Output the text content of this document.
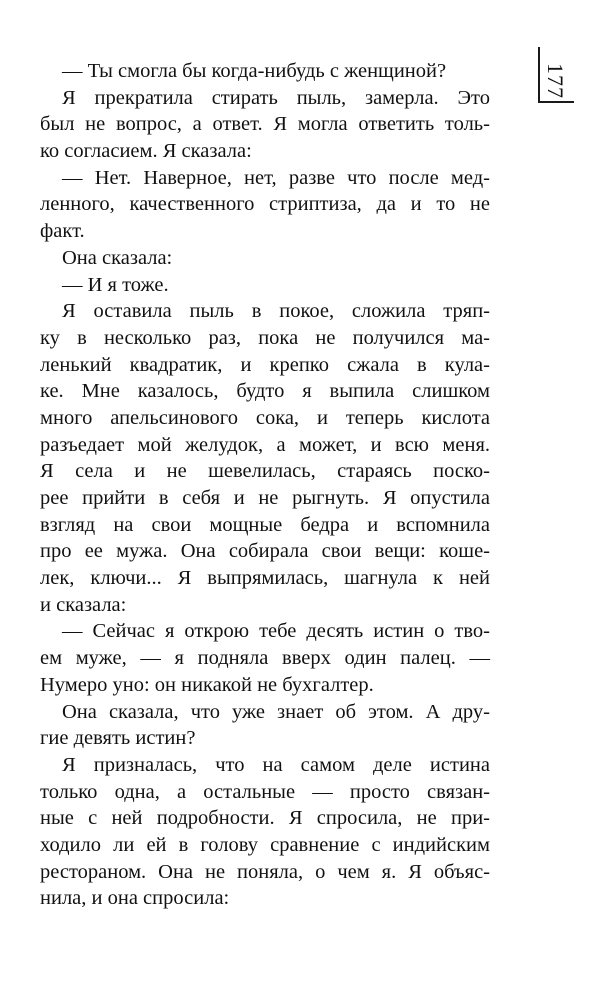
177
— Ты смогла бы когда-нибудь с женщиной?
Я прекратила стирать пыль, замерла. Это
был не вопрос, а ответ. Я могла ответить толь-
ко согласием. Я сказала:
— Нет. Наверное, нет, разве что после мед-
ленного, качественного стриптиза, да и то не
факт.
Она сказала:
— И я тоже.
Я оставила пыль в покое, сложила тряп-
ку в несколько раз, пока не получился ма-
ленький квадратик, и крепко сжала в кула-
ке. Мне казалось, будто я выпила слишком
много апельсинового сока, и теперь кислота
разъедает мой желудок, а может, и всю меня.
Я села и не шевелилась, стараясь поско-
рее прийти в себя и не рыгнуть. Я опустила
взгляд на свои мощные бедра и вспомнила
про ее мужа. Она собирала свои вещи: коше-
лек, ключи... Я выпрямилась, шагнула к ней
и сказала:
— Сейчас я открою тебе десять истин о тво-
ем муже, — я подняла вверх один палец. —
Нумеро уно: он никакой не бухгалтер.
Она сказала, что уже знает об этом. А дру-
гие девять истин?
Я призналась, что на самом деле истина
только одна, а остальные — просто связан-
ные с ней подробности. Я спросила, не при-
ходило ли ей в голову сравнение с индийским
рестораном. Она не поняла, о чем я. Я объяс-
нила, и она спросила:
